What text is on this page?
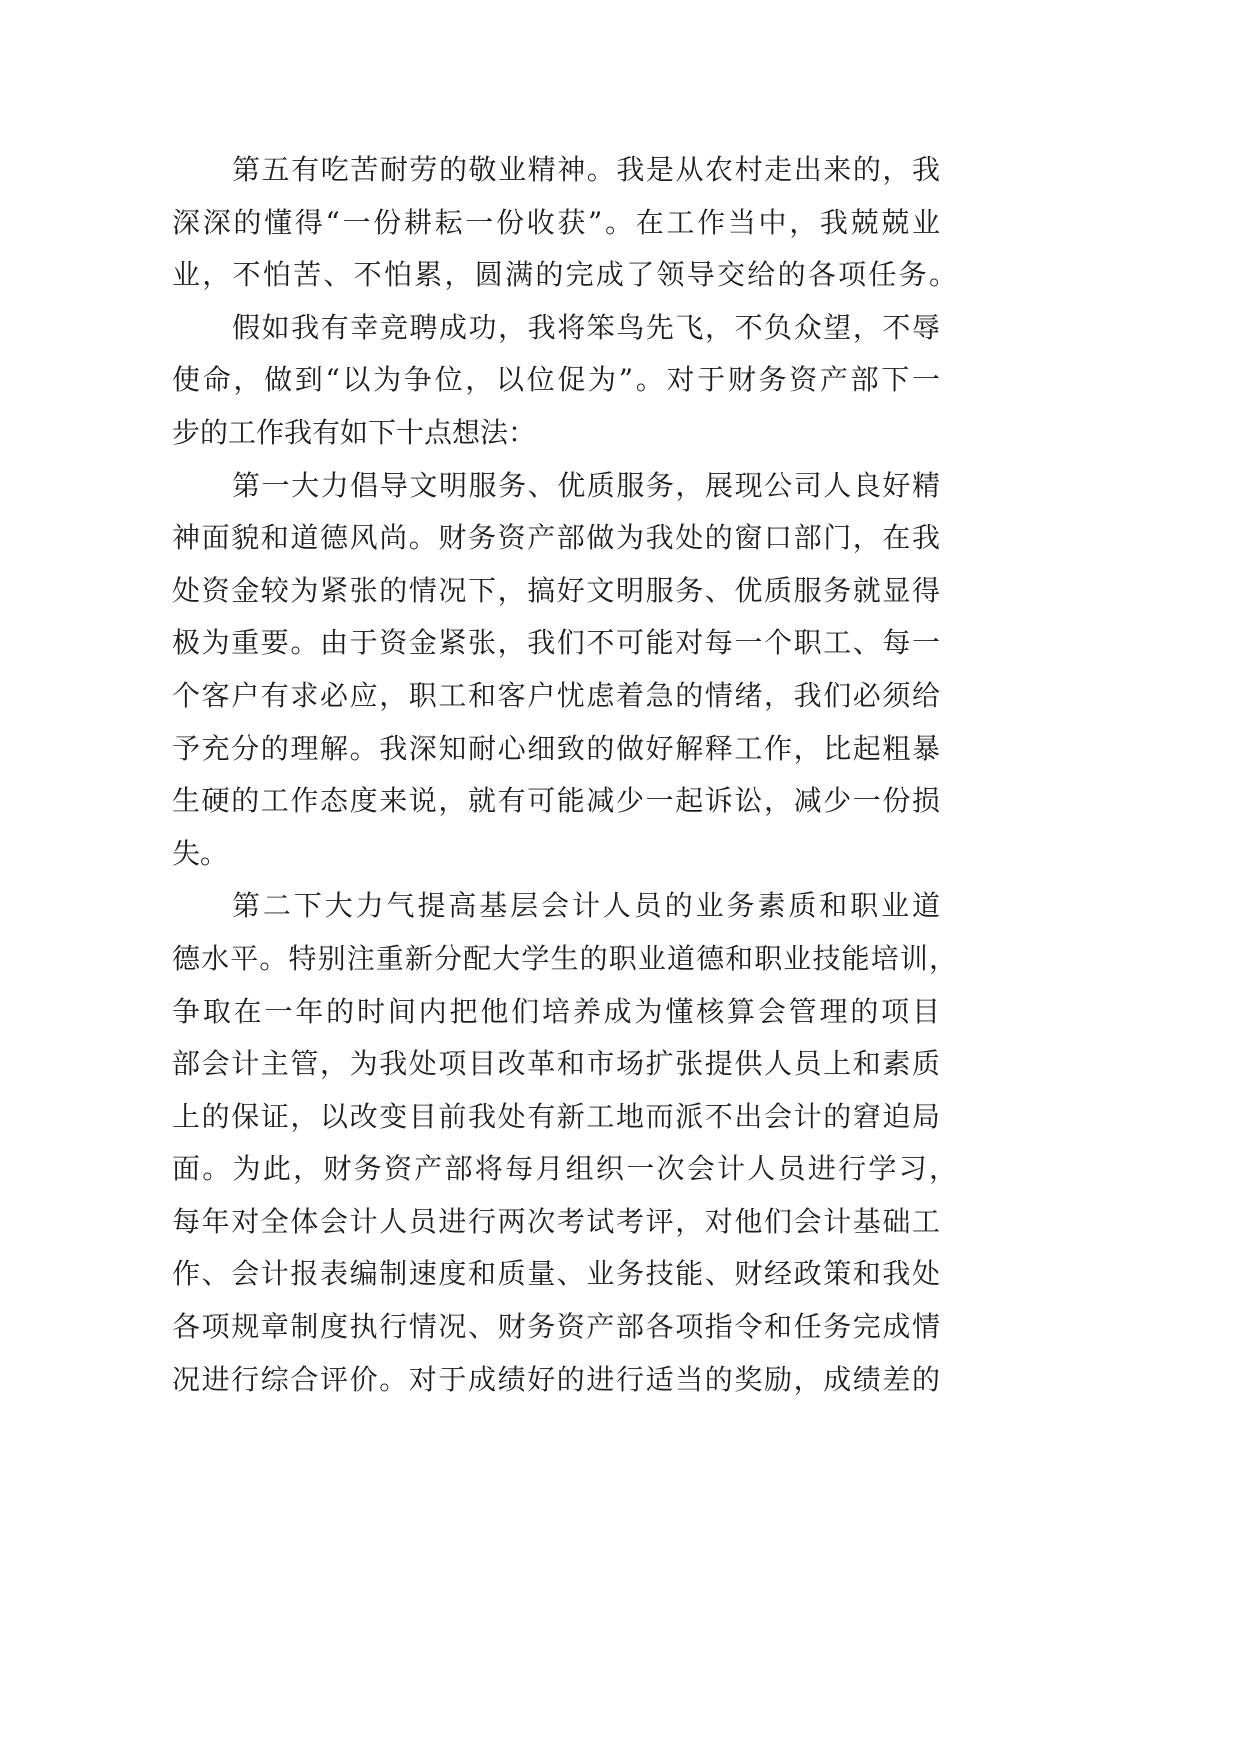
第五有吃苦耐劳的敬业精神。我是从农村走出来的，我
深深的懂得“一份耕耘一份收获”。在工作当中，我兢兢业
业，不怕苦、不怕累，圆满的完成了领导交给的各项任务。
假如我有幸竞聘成功，我将笨鸟先飞，不负众望，不辱
使命，做到“以为争位，以位促为”。对于财务资产部下一
步的工作我有如下十点想法：
第一大力倡导文明服务、优质服务，展现公司人良好精
神面貌和道德风尚。财务资产部做为我处的窗口部门，在我
处资金较为紧张的情况下，搞好文明服务、优质服务就显得
极为重要。由于资金紧张，我们不可能对每一个职工、每一
个客户有求必应，职工和客户忧虑着急的情绪，我们必须给
予充分的理解。我深知耐心细致的做好解释工作，比起粗暴
生硬的工作态度来说，就有可能减少一起诉讼，减少一份损
失。
第二下大力气提高基层会计人员的业务素质和职业道
德水平。特别注重新分配大学生的职业道德和职业技能培训，
争取在一年的时间内把他们培养成为懂核算会管理的项目
部会计主管，为我处项目改革和市场扩张提供人员上和素质
上的保证，以改变目前我处有新工地而派不出会计的窘迫局
面。为此，财务资产部将每月组织一次会计人员进行学习，
每年对全体会计人员进行两次考试考评，对他们会计基础工
作、会计报表编制速度和质量、业务技能、财经政策和我处
各项规章制度执行情况、财务资产部各项指令和任务完成情
况进行综合评价。对于成绩好的进行适当的奖励，成绩差的
